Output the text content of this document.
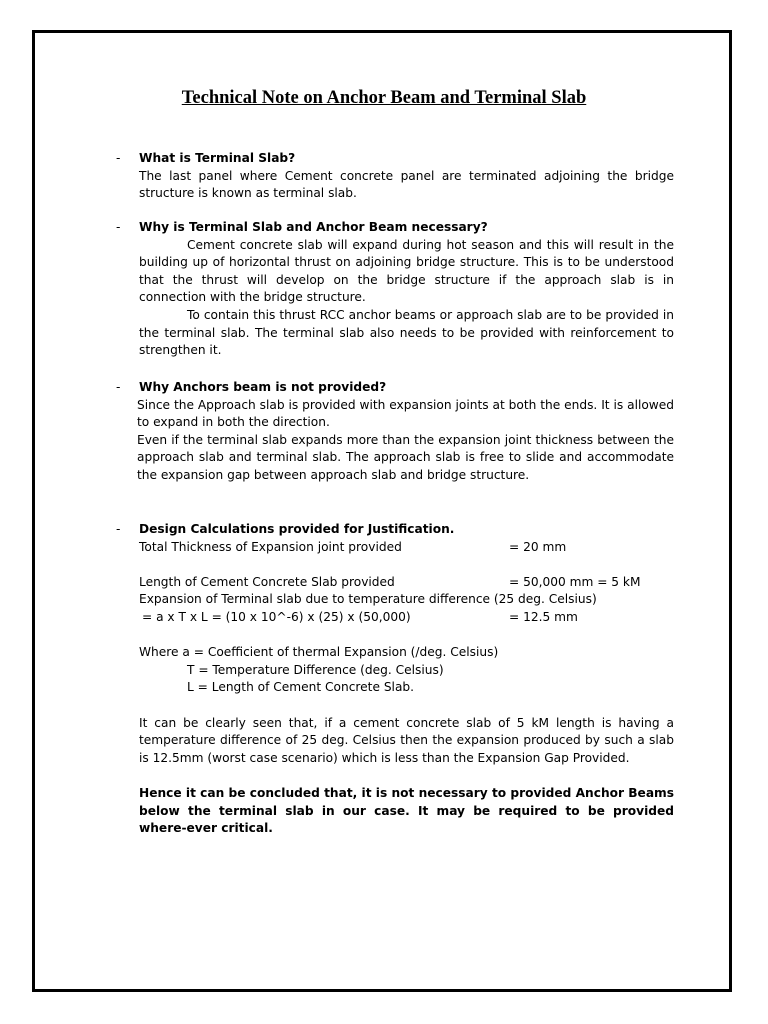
Technical Note on Anchor Beam and Terminal Slab
- What is Terminal Slab?
The last panel where Cement concrete panel are terminated adjoining the bridge structure is known as terminal slab.
- Why is Terminal Slab and Anchor Beam necessary?
Cement concrete slab will expand during hot season and this will result in the building up of horizontal thrust on adjoining bridge structure. This is to be understood that the thrust will develop on the bridge structure if the approach slab is in connection with the bridge structure.
To contain this thrust RCC anchor beams or approach slab are to be provided in the terminal slab. The terminal slab also needs to be provided with reinforcement to strengthen it.
- Why Anchors beam is not provided?
Since the Approach slab is provided with expansion joints at both the ends. It is allowed to expand in both the direction.
Even if the terminal slab expands more than the expansion joint thickness between the approach slab and terminal slab. The approach slab is free to slide and accommodate the expansion gap between approach slab and bridge structure.
- Design Calculations provided for Justification.
Total Thickness of Expansion joint provided	= 20 mm
Length of Cement Concrete Slab provided	= 50,000 mm = 5 kM
Expansion of Terminal slab due to temperature difference (25 deg. Celsius)
= a x T x L = (10 x 10^-6) x (25) x (50,000)	= 12.5 mm
Where a = Coefficient of thermal Expansion (/deg. Celsius)
T = Temperature Difference (deg. Celsius)
L = Length of Cement Concrete Slab.
It can be clearly seen that, if a cement concrete slab of 5 kM length is having a temperature difference of 25 deg. Celsius then the expansion produced by such a slab is 12.5mm (worst case scenario) which is less than the Expansion Gap Provided.
Hence it can be concluded that, it is not necessary to provided Anchor Beams below the terminal slab in our case. It may be required to be provided where-ever critical.
